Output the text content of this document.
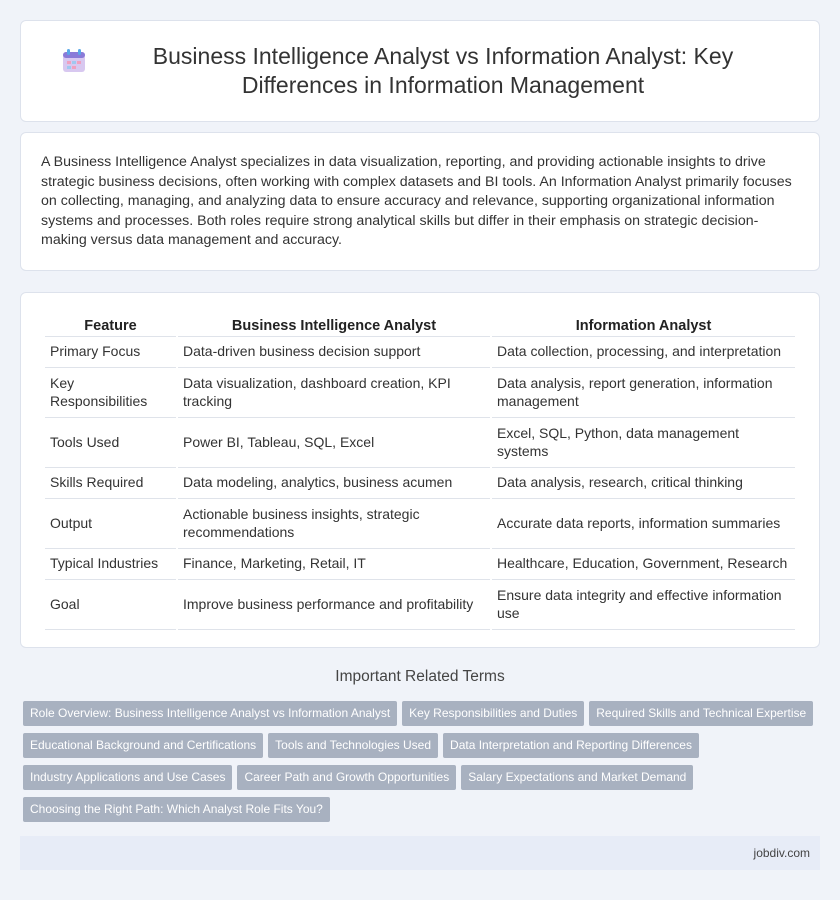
Business Intelligence Analyst vs Information Analyst: Key Differences in Information Management

A Business Intelligence Analyst specializes in data visualization, reporting, and providing actionable insights to drive strategic business decisions, often working with complex datasets and BI tools. An Information Analyst primarily focuses on collecting, managing, and analyzing data to ensure accuracy and relevance, supporting organizational information systems and processes. Both roles require strong analytical skills but differ in their emphasis on strategic decision-making versus data management and accuracy.

Feature	Business Intelligence Analyst	Information Analyst
Primary Focus	Data-driven business decision support	Data collection, processing, and interpretation
Key Responsibilities	Data visualization, dashboard creation, KPI tracking	Data analysis, report generation, information management
Tools Used	Power BI, Tableau, SQL, Excel	Excel, SQL, Python, data management systems
Skills Required	Data modeling, analytics, business acumen	Data analysis, research, critical thinking
Output	Actionable business insights, strategic recommendations	Accurate data reports, information summaries
Typical Industries	Finance, Marketing, Retail, IT	Healthcare, Education, Government, Research
Goal	Improve business performance and profitability	Ensure data integrity and effective information use
Important Related Terms
Role Overview: Business Intelligence Analyst vs Information Analyst Key Responsibilities and Duties Required Skills and Technical Expertise
Educational Background and Certifications Tools and Technologies Used Data Interpretation and Reporting Differences
Industry Applications and Use Cases Career Path and Growth Opportunities Salary Expectations and Market Demand
Choosing the Right Path: Which Analyst Role Fits You?
jobdiv.com
